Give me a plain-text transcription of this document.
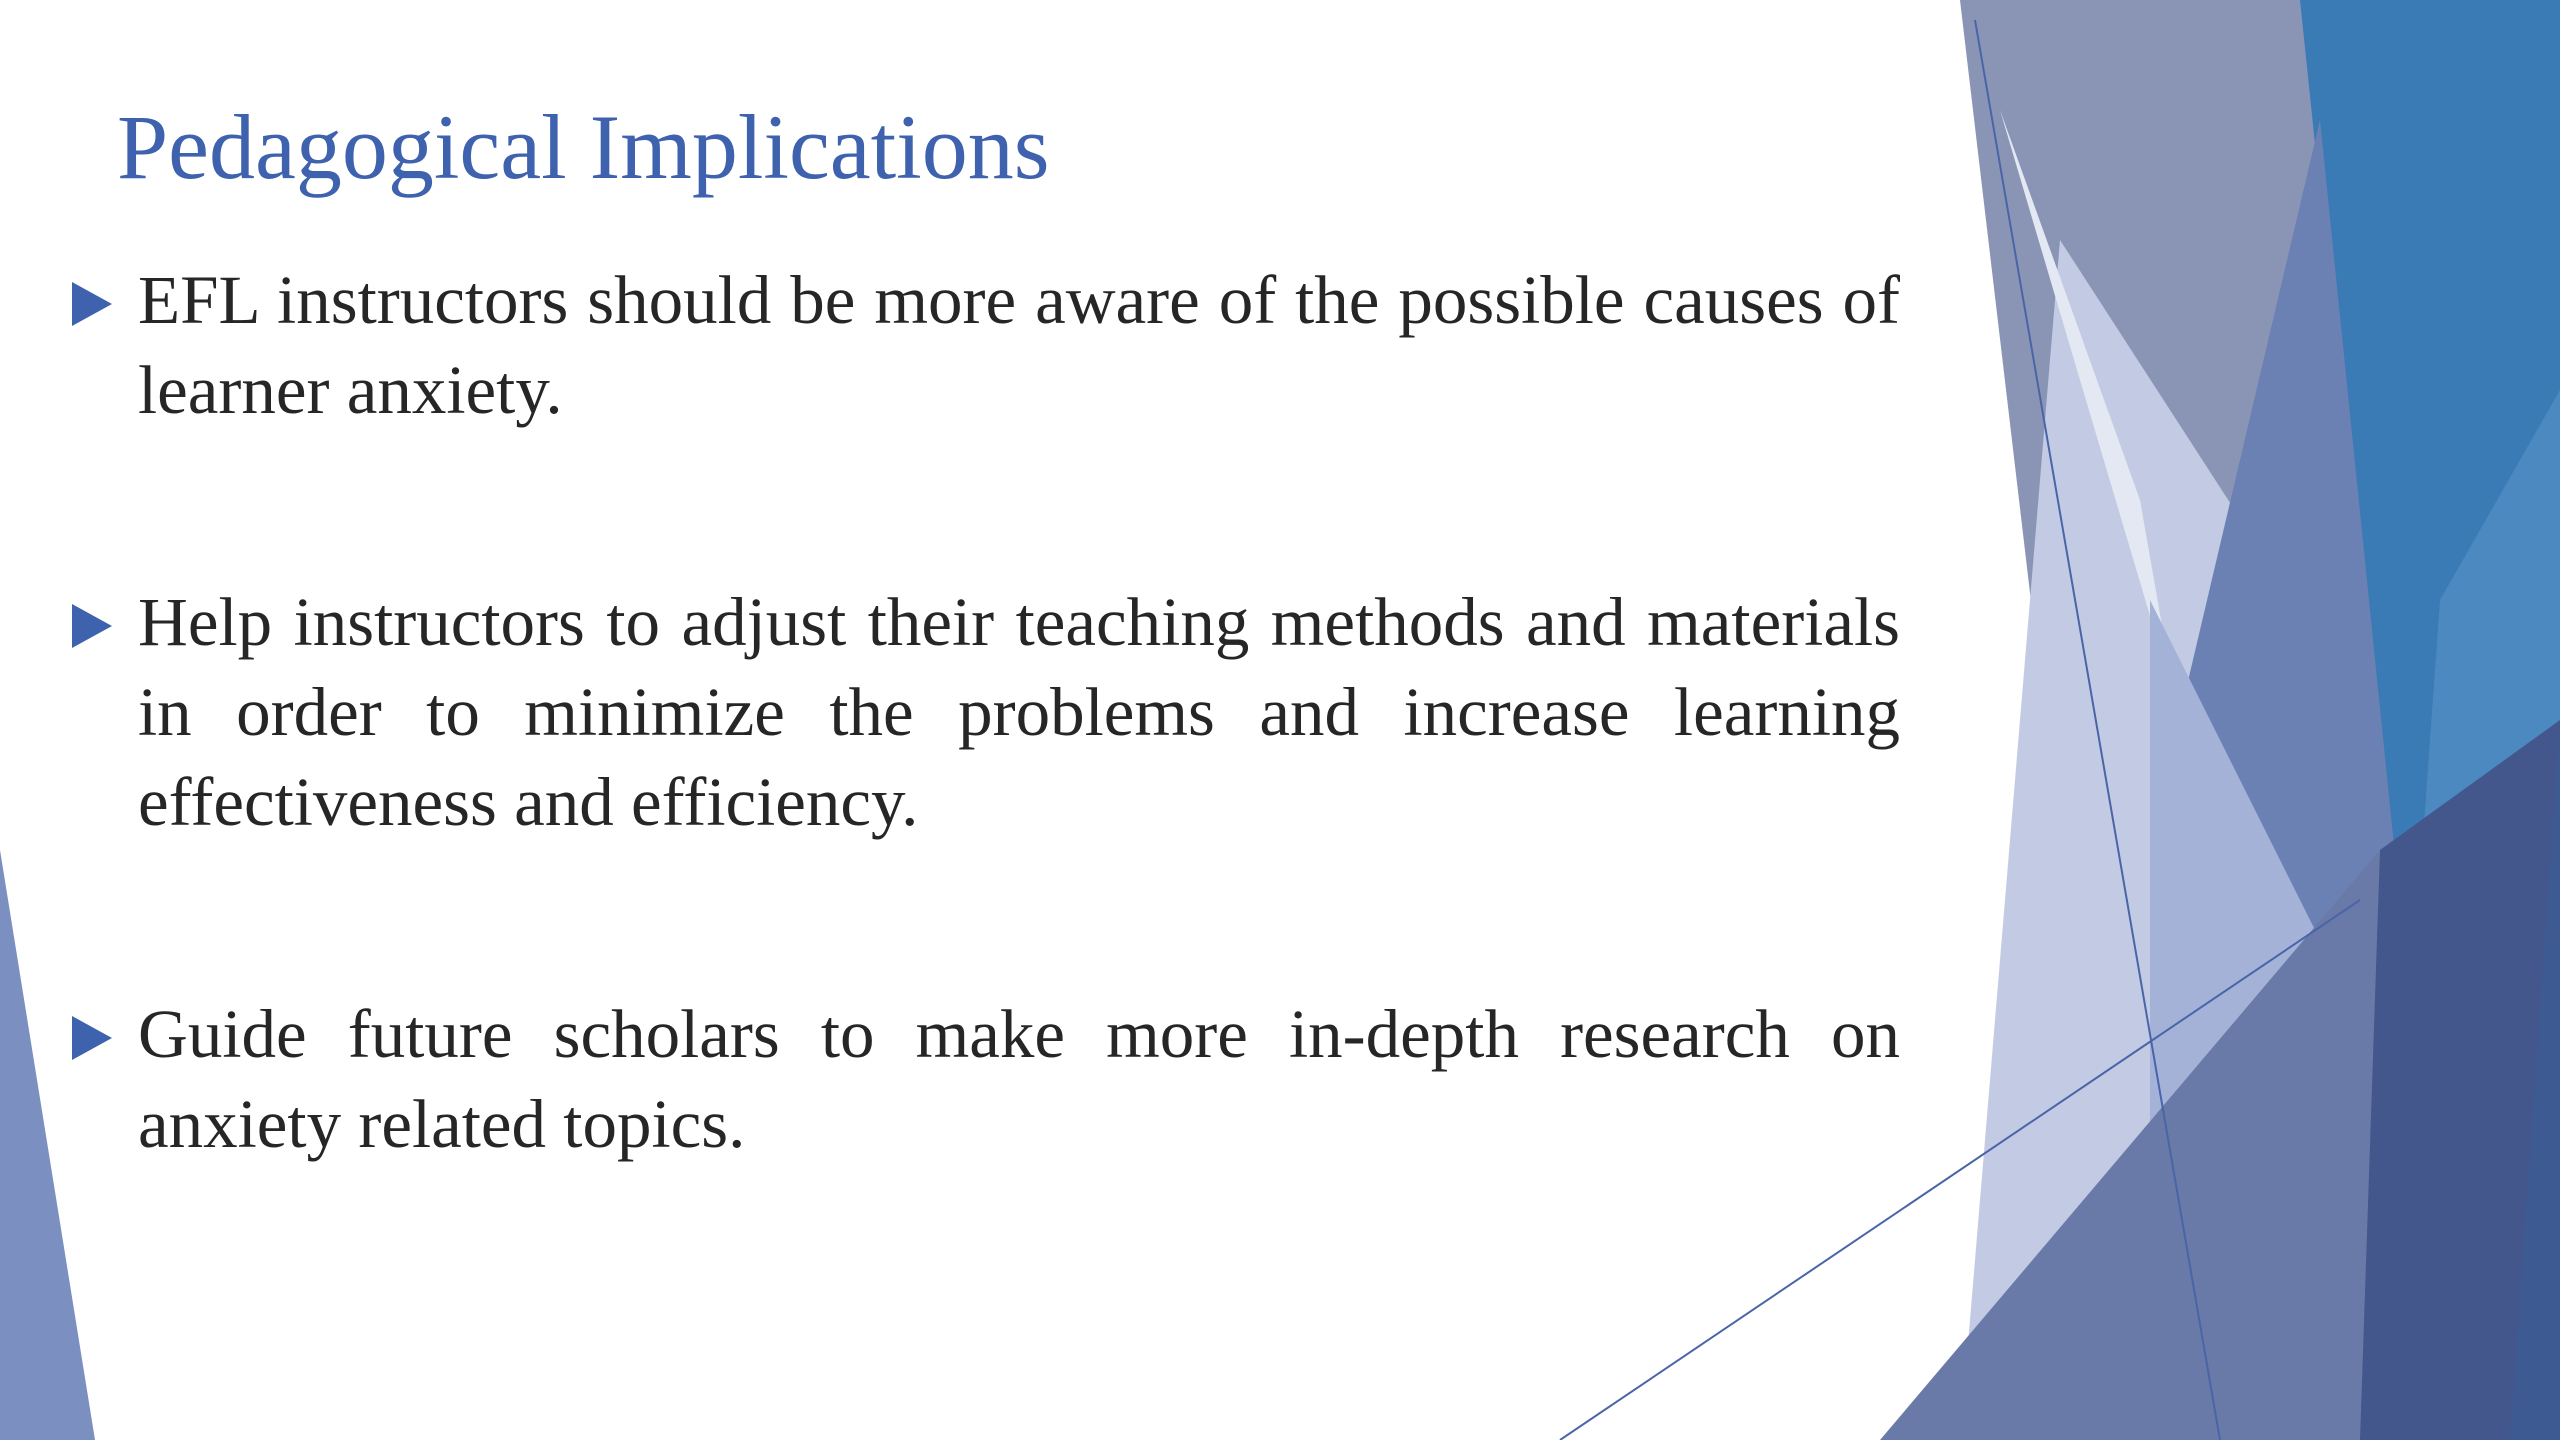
Pedagogical Implications
EFL instructors should be more aware of the possible causes of learner anxiety.
Help instructors to adjust their teaching methods and materials in order to minimize the problems and increase learning effectiveness and efficiency.
Guide future scholars to make more in-depth research on anxiety related topics.
